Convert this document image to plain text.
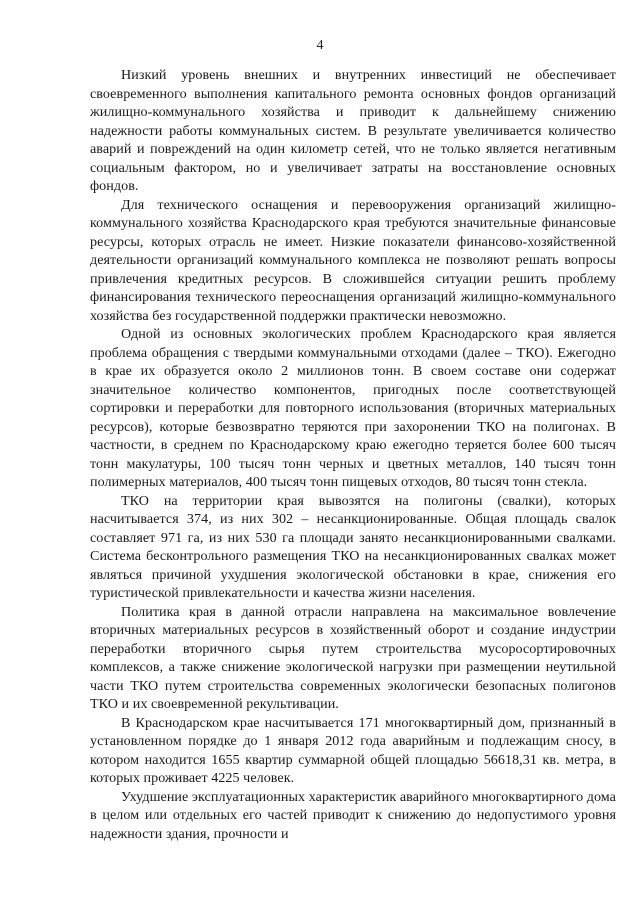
4

Низкий уровень внешних и внутренних инвестиций не обеспечивает своевременного выполнения капитального ремонта основных фондов организаций жилищно-коммунального хозяйства и приводит к дальнейшему снижению надежности работы коммунальных систем. В результате увеличивается количество аварий и повреждений на один километр сетей, что не только является негативным социальным фактором, но и увеличивает затраты на восстановление основных фондов.

Для технического оснащения и перевооружения организаций жилищно-коммунального хозяйства Краснодарского края требуются значительные финансовые ресурсы, которых отрасль не имеет. Низкие показатели финансово-хозяйственной деятельности организаций коммунального комплекса не позволяют решать вопросы привлечения кредитных ресурсов. В сложившейся ситуации решить проблему финансирования технического переоснащения организаций жилищно-коммунального хозяйства без государственной поддержки практически невозможно.

Одной из основных экологических проблем Краснодарского края является проблема обращения с твердыми коммунальными отходами (далее – ТКО). Ежегодно в крае их образуется около 2 миллионов тонн. В своем составе они содержат значительное количество компонентов, пригодных после соответствующей сортировки и переработки для повторного использования (вторичных материальных ресурсов), которые безвозвратно теряются при захоронении ТКО на полигонах. В частности, в среднем по Краснодарскому краю ежегодно теряется более 600 тысяч тонн макулатуры, 100 тысяч тонн черных и цветных металлов, 140 тысяч тонн полимерных материалов, 400 тысяч тонн пищевых отходов, 80 тысяч тонн стекла.

ТКО на территории края вывозятся на полигоны (свалки), которых насчитывается 374, из них 302 – несанкционированные. Общая площадь свалок составляет 971 га, из них 530 га площади занято несанкционированными свалками. Система бесконтрольного размещения ТКО на несанкционированных свалках может являться причиной ухудшения экологической обстановки в крае, снижения его туристической привлекательности и качества жизни населения.

Политика края в данной отрасли направлена на максимальное вовлечение вторичных материальных ресурсов в хозяйственный оборот и создание индустрии переработки вторичного сырья путем строительства мусоросортировочных комплексов, а также снижение экологической нагрузки при размещении неутильной части ТКО путем строительства современных экологически безопасных полигонов ТКО и их своевременной рекультивации.

В Краснодарском крае насчитывается 171 многоквартирный дом, признанный в установленном порядке до 1 января 2012 года аварийным и подлежащим сносу, в котором находится 1655 квартир суммарной общей площадью 56618,31 кв. метра, в которых проживает 4225 человек.

Ухудшение эксплуатационных характеристик аварийного многоквартирного дома в целом или отдельных его частей приводит к снижению до недопустимого уровня надежности здания, прочности и
